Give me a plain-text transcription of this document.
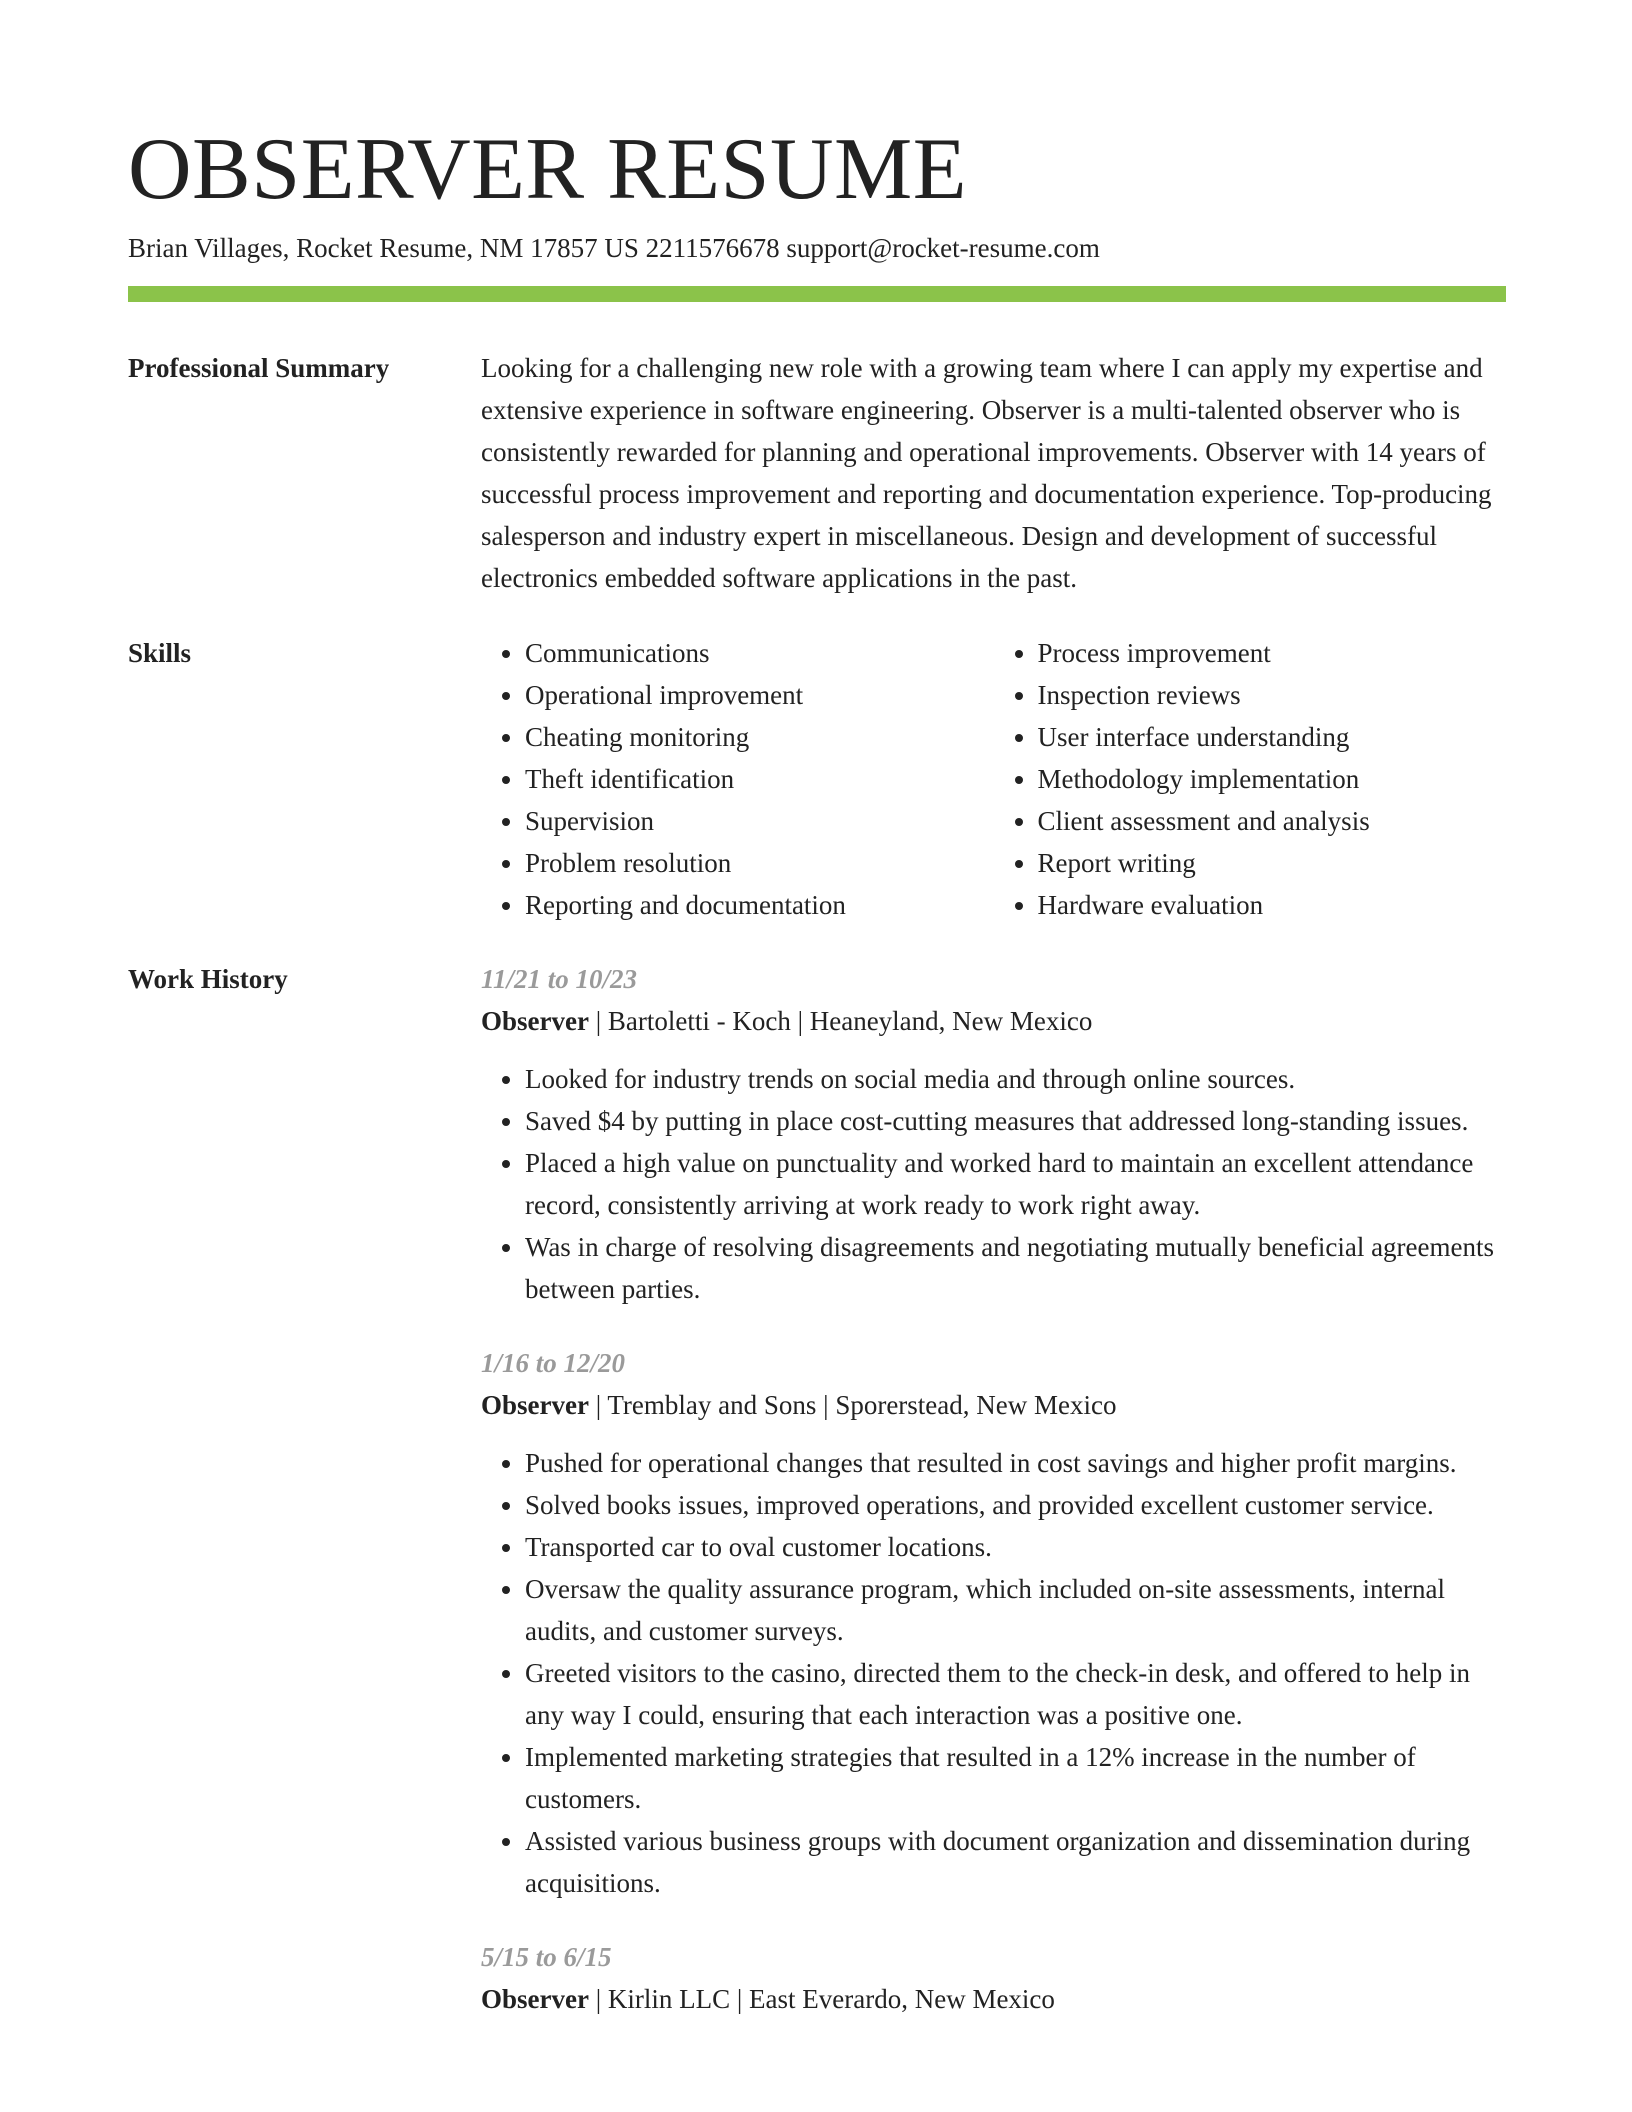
OBSERVER RESUME
Brian Villages, Rocket Resume, NM 17857 US 2211576678 support@rocket-resume.com
Professional Summary	Looking for a challenging new role with a growing team where I can apply my expertise and extensive experience in software engineering. Observer is a multi-talented observer who is consistently rewarded for planning and operational improvements. Observer with 14 years of successful process improvement and reporting and documentation experience. Top-producing salesperson and industry expert in miscellaneous. Design and development of successful electronics embedded software applications in the past.

Skills
•	Communications
• Operational improvement
• Cheating monitoring
• Theft identification
• Supervision
• Problem resolution
• Reporting and documentation
• Process improvement
• Inspection reviews
• User interface understanding
• Methodology implementation
• Client assessment and analysis
• Report writing
• Hardware evaluation
Work History	11/21 to 10/23
Observer | Bartoletti - Koch | Heaneyland, New Mexico
• Looked for industry trends on social media and through online sources.
• Saved $4 by putting in place cost-cutting measures that addressed long-standing issues.
• Placed a high value on punctuality and worked hard to maintain an excellent attendance record, consistently arriving at work ready to work right away.
• Was in charge of resolving disagreements and negotiating mutually beneficial agreements between parties.
1/16 to 12/20
Observer | Tremblay and Sons | Sporerstead, New Mexico
• Pushed for operational changes that resulted in cost savings and higher profit margins.
• Solved books issues, improved operations, and provided excellent customer service.
• Transported car to oval customer locations.
• Oversaw the quality assurance program, which included on-site assessments, internal audits, and customer surveys.
• Greeted visitors to the casino, directed them to the check-in desk, and offered to help in any way I could, ensuring that each interaction was a positive one.
• Implemented marketing strategies that resulted in a 12% increase in the number of customers.
• Assisted various business groups with document organization and dissemination during acquisitions.
5/15 to 6/15
Observer | Kirlin LLC | East Everardo, New Mexico
